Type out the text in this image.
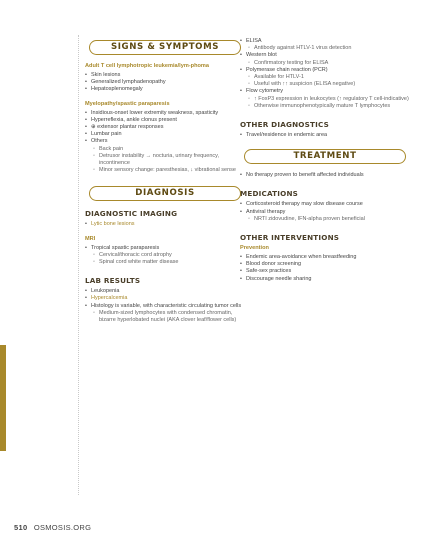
SIGNS & SYMPTOMS
Adult T cell lymphotropic leukemia/lym-phoma
• Skin lesions
• Generalized lymphadenopathy
• Hepatosplenomegaly
Myelopathy/spastic paraparesis
• Insidious-onset lower extremity weakness, spasticity
• Hyperreflexia, ankle clonus present
• ⊕ extensor plantar responses
• Lumbar pain
• Others
◦ Back pain
◦ Detrusor instability → nocturia, urinary frequency, incontinence
◦ Minor sensory change: paresthesias, ↓ vibrational sense
DIAGNOSIS
DIAGNOSTIC IMAGING
• Lytic bone lesions
MRI
• Tropical spastic paraparesis
◦ Cervical/thoracic cord atrophy
◦ Spinal cord white matter disease
LAB RESULTS
• Leukopenia
• Hypercalcemia
• Histology is variable, with characteristic circulating tumor cells
◦ Medium-sized lymphocytes with condensed chromatin, bizarre hyperlobated nuclei (AKA clover leaf/flower cells)
• ELISA
◦ Antibody against HTLV-1 virus detection
• Western blot
◦ Confirmatory testing for ELISA
• Polymerase chain reaction (PCR)
◦ Available for HTLV-1
◦ Useful with ↑↑ suspicion (ELISA negative)
• Flow cytometry
◦ ↑ FoxP3 expression in leukocytes (↑ regulatory T cell-indicative)
◦ Otherwise immunophenotypically mature T lymphocytes
OTHER DIAGNOSTICS
• Travel/residence in endemic area
TREATMENT
• No therapy proven to benefit affected individuals
MEDICATIONS
• Corticosteroid therapy may slow disease course
• Antiviral therapy
◦ NRTI zidovudine, IFN-alpha proven beneficial
OTHER INTERVENTIONS
Prevention
• Endemic area-avoidance when breastfeeding
• Blood donor screening
• Safe-sex practices
• Discourage needle sharing
510 OSMOSIS.ORG
